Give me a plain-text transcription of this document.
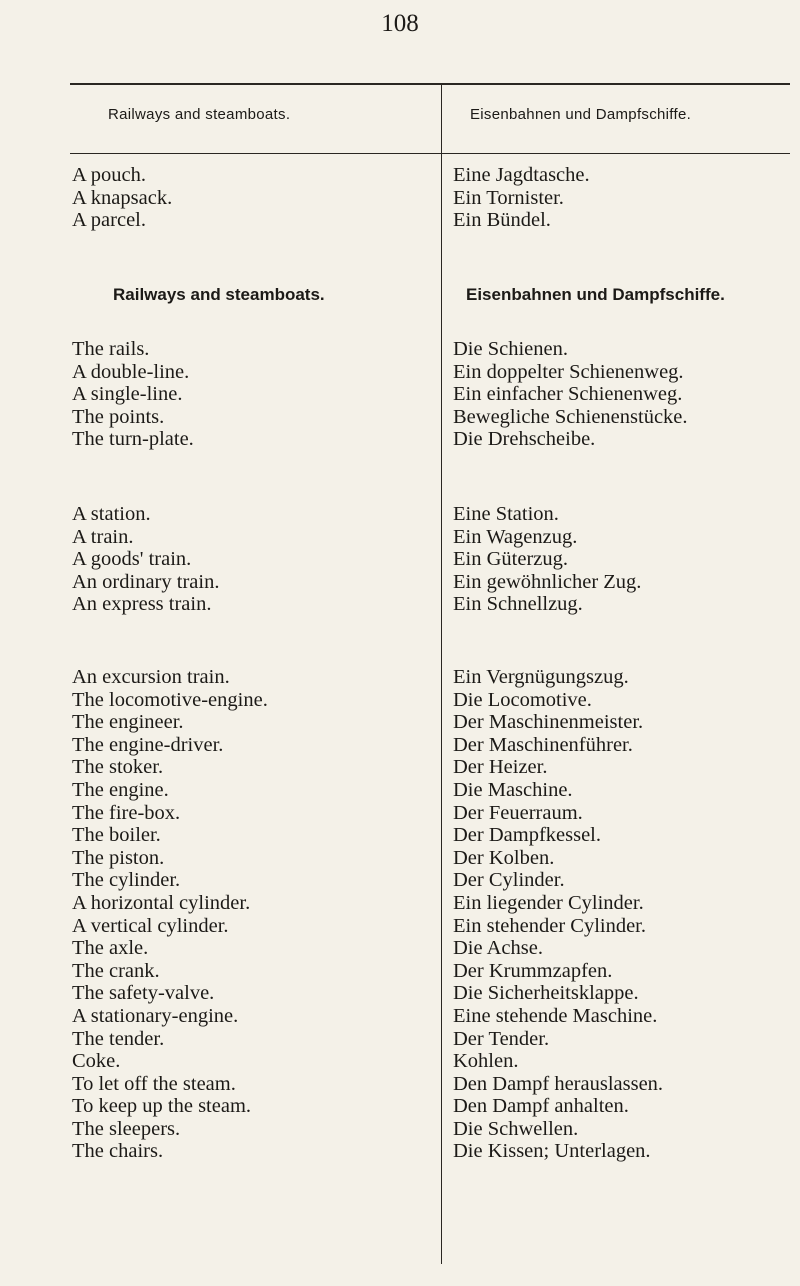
108
Railways and steamboats.	Eisenbahnen und Dampfschiffe.
Railways and steamboats.	Eisenbahnen und Dampfschiffe.
A pouch.
A knapsack.
A parcel.
Eine Jagdtasche.
Ein Tornister.
Ein Bündel.
The rails.
A double-line.
A single-line.
The points.
The turn-plate.
Die Schienen.
Ein doppelter Schienenweg.
Ein einfacher Schienenweg.
Bewegliche Schienenstücke.
Die Drehscheibe.
A station.
A train.
A goods' train.
An ordinary train.
An express train.
Eine Station.
Ein Wagenzug.
Ein Güterzug.
Ein gewöhnlicher Zug.
Ein Schnellzug.
An excursion train.
The locomotive-engine.
The engineer.
The engine-driver.
The stoker.
The engine.
The fire-box.
The boiler.
The piston.
The cylinder.
A horizontal cylinder.
A vertical cylinder.
The axle.
The crank.
The safety-valve.
A stationary-engine.
The tender.
Coke.
To let off the steam.
To keep up the steam.
The sleepers.
The chairs.
Ein Vergnügungszug.
Die Locomotive.
Der Maschinenmeister.
Der Maschinenführer.
Der Heizer.
Die Maschine.
Der Feuerraum.
Der Dampfkessel.
Der Kolben.
Der Cylinder.
Ein liegender Cylinder.
Ein stehender Cylinder.
Die Achse.
Der Krummzapfen.
Die Sicherheitsklappe.
Eine stehende Maschine.
Der Tender.
Kohlen.
Den Dampf herauslassen.
Den Dampf anhalten.
Die Schwellen.
Die Kissen; Unterlagen.
